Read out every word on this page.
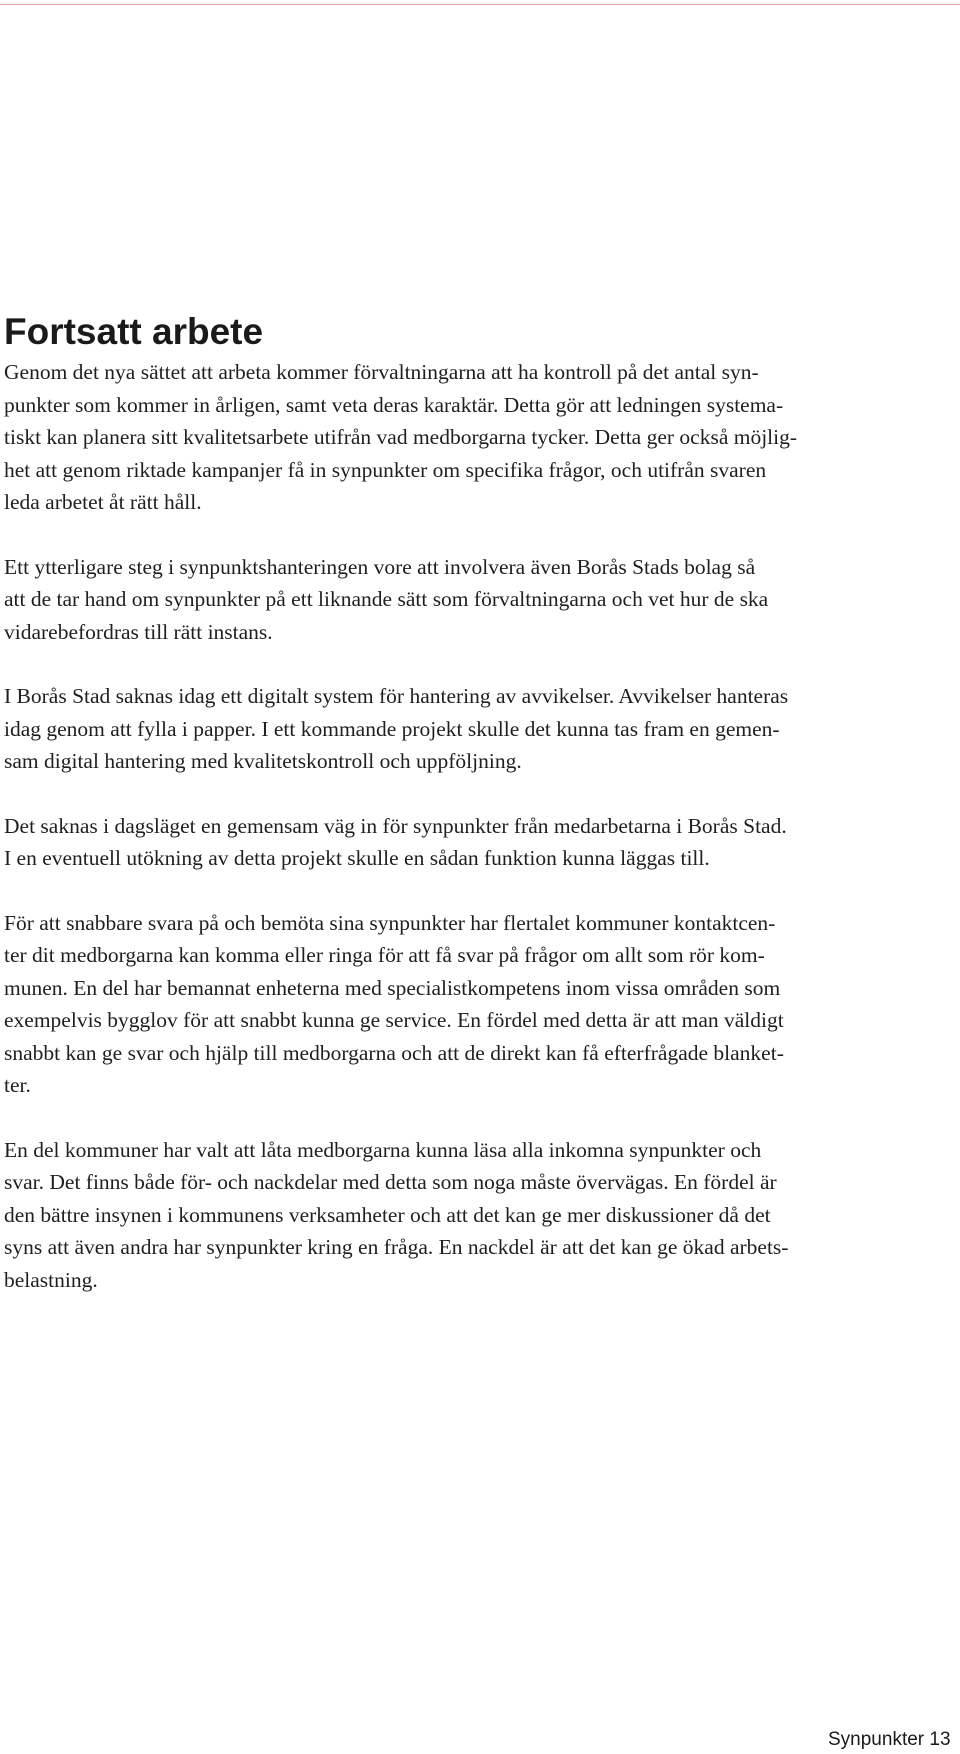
Fortsatt arbete

Genom det nya sättet att arbeta kommer förvaltningarna att ha kontroll på det antal syn-
punkter som kommer in årligen, samt veta deras karaktär. Detta gör att ledningen systema-
tiskt kan planera sitt kvalitetsarbete utifrån vad medborgarna tycker. Detta ger också möjlig-
het att genom riktade kampanjer få in synpunkter om specifika frågor, och utifrån svaren
leda arbetet åt rätt håll.

Ett ytterligare steg i synpunktshanteringen vore att involvera även Borås Stads bolag så
att de tar hand om synpunkter på ett liknande sätt som förvaltningarna och vet hur de ska
vidarebefordras till rätt instans.

I Borås Stad saknas idag ett digitalt system för hantering av avvikelser. Avvikelser hanteras
idag genom att fylla i papper. I ett kommande projekt skulle det kunna tas fram en gemen-
sam digital hantering med kvalitetskontroll och uppföljning.

Det saknas i dagsläget en gemensam väg in för synpunkter från medarbetarna i Borås Stad.
I en eventuell utökning av detta projekt skulle en sådan funktion kunna läggas till.

För att snabbare svara på och bemöta sina synpunkter har flertalet kommuner kontaktcen-
ter dit medborgarna kan komma eller ringa för att få svar på frågor om allt som rör kom-
munen. En del har bemannat enheterna med specialistkompetens inom vissa områden som
exempelvis bygglov för att snabbt kunna ge service. En fördel med detta är att man väldigt
snabbt kan ge svar och hjälp till medborgarna och att de direkt kan få efterfrågade blanket-
ter.

En del kommuner har valt att låta medborgarna kunna läsa alla inkomna synpunkter och
svar. Det finns både för- och nackdelar med detta som noga måste övervägas. En fördel är
den bättre insynen i kommunens verksamheter och att det kan ge mer diskussioner då det
syns att även andra har synpunkter kring en fråga. En nackdel är att det kan ge ökad arbets-
belastning.

Synpunkter 13
